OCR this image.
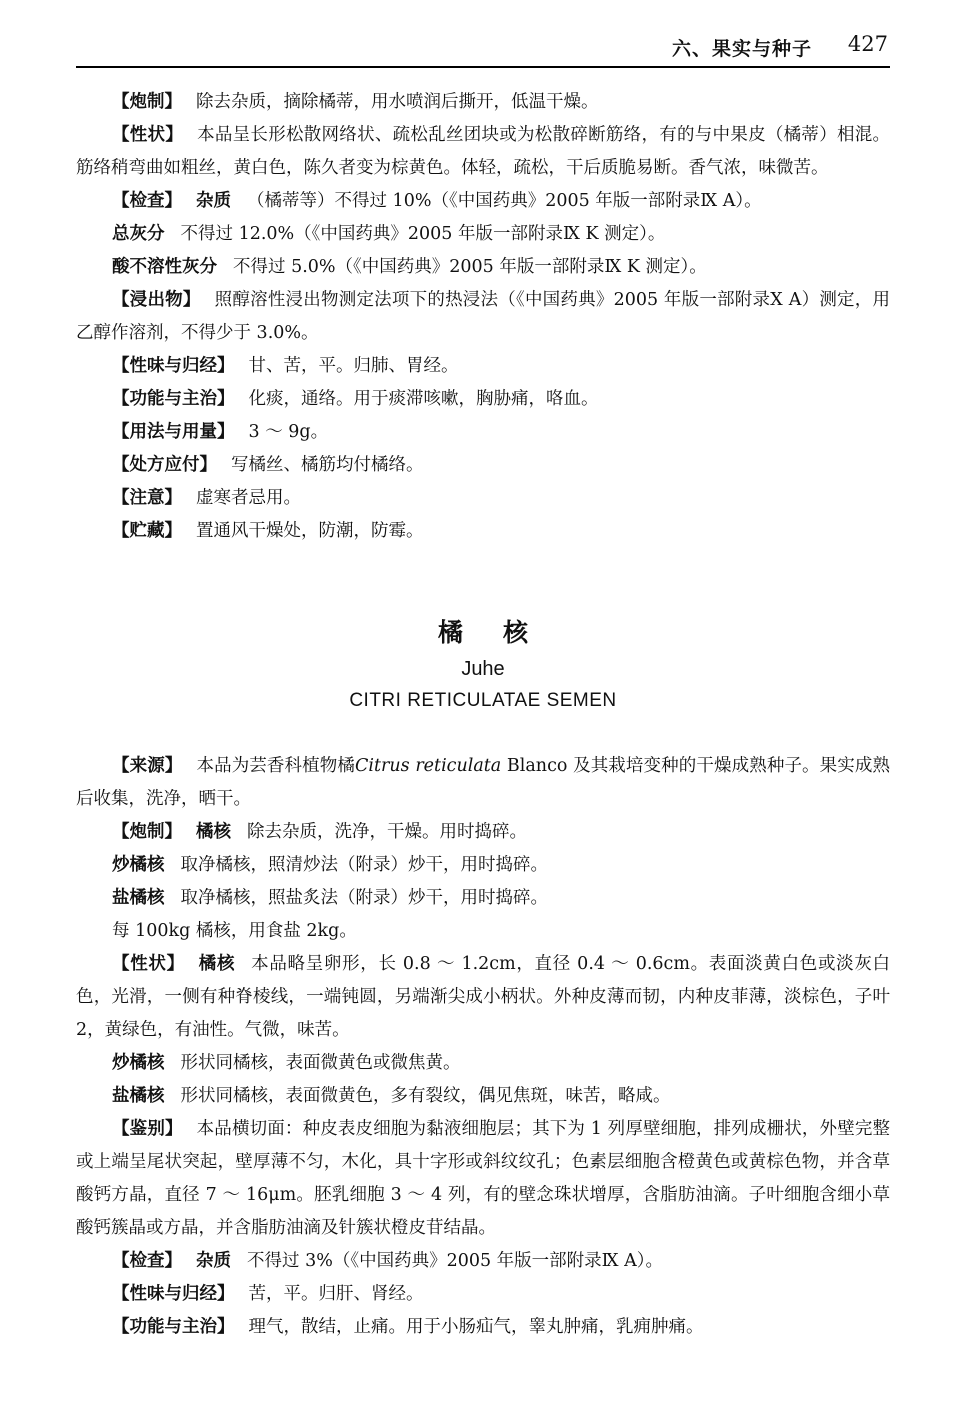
六、果实与种子 427

【炮制】 除去杂质，摘除橘蒂，用水喷润后撕开，低温干燥。

【性状】 本品呈长形松散网络状、疏松乱丝团块或为松散碎断筋络，有的与中果皮（橘蒂）相混。筋络稍弯曲如粗丝，黄白色，陈久者变为棕黄色。体轻，疏松，干后质脆易断。香气浓，味微苦。

【检查】 杂质 （橘蒂等）不得过 10%（《中国药典》2005 年版一部附录Ⅸ A）。

总灰分 不得过 12.0%（《中国药典》2005 年版一部附录Ⅸ K 测定）。

酸不溶性灰分 不得过 5.0%（《中国药典》2005 年版一部附录Ⅸ K 测定）。

【浸出物】 照醇溶性浸出物测定法项下的热浸法（《中国药典》2005 年版一部附录Ⅹ A）测定，用乙醇作溶剂，不得少于 3.0%。

【性味与归经】 甘、苦，平。归肺、胃经。

【功能与主治】 化痰，通络。用于痰滞咳嗽，胸胁痛，咯血。

【用法与用量】 3 ～ 9g。

【处方应付】 写橘丝、橘筋均付橘络。

【注意】 虚寒者忌用。

【贮藏】 置通风干燥处，防潮，防霉。

橘核
Juhe
CITRI RETICULATAE SEMEN

【来源】 本品为芸香科植物橘Citrus reticulata Blanco 及其栽培变种的干燥成熟种子。果实成熟后收集，洗净，晒干。

【炮制】 橘核 除去杂质，洗净，干燥。用时捣碎。

炒橘核 取净橘核，照清炒法（附录）炒干，用时捣碎。

盐橘核 取净橘核，照盐炙法（附录）炒干，用时捣碎。

每 100kg 橘核，用食盐 2kg。

【性状】 橘核 本品略呈卵形，长 0.8 ～ 1.2cm，直径 0.4 ～ 0.6cm。表面淡黄白色或淡灰白色，光滑，一侧有种脊棱线，一端钝圆，另端渐尖成小柄状。外种皮薄而韧，内种皮菲薄，淡棕色，子叶 2，黄绿色，有油性。气微，味苦。

炒橘核 形状同橘核，表面微黄色或微焦黄。

盐橘核 形状同橘核，表面微黄色，多有裂纹，偶见焦斑，味苦，略咸。

【鉴别】 本品横切面：种皮表皮细胞为黏液细胞层；其下为 1 列厚壁细胞，排列成栅状，外壁完整或上端呈尾状突起，壁厚薄不匀，木化，具十字形或斜纹纹孔；色素层细胞含橙黄色或黄棕色物，并含草酸钙方晶，直径 7 ～ 16μm。胚乳细胞 3 ～ 4 列，有的壁念珠状增厚，含脂肪油滴。子叶细胞含细小草酸钙簇晶或方晶，并含脂肪油滴及针簇状橙皮苷结晶。

【检查】 杂质 不得过 3%（《中国药典》2005 年版一部附录Ⅸ A）。

【性味与归经】 苦，平。归肝、肾经。

【功能与主治】 理气，散结，止痛。用于小肠疝气，睾丸肿痛，乳痈肿痛。
